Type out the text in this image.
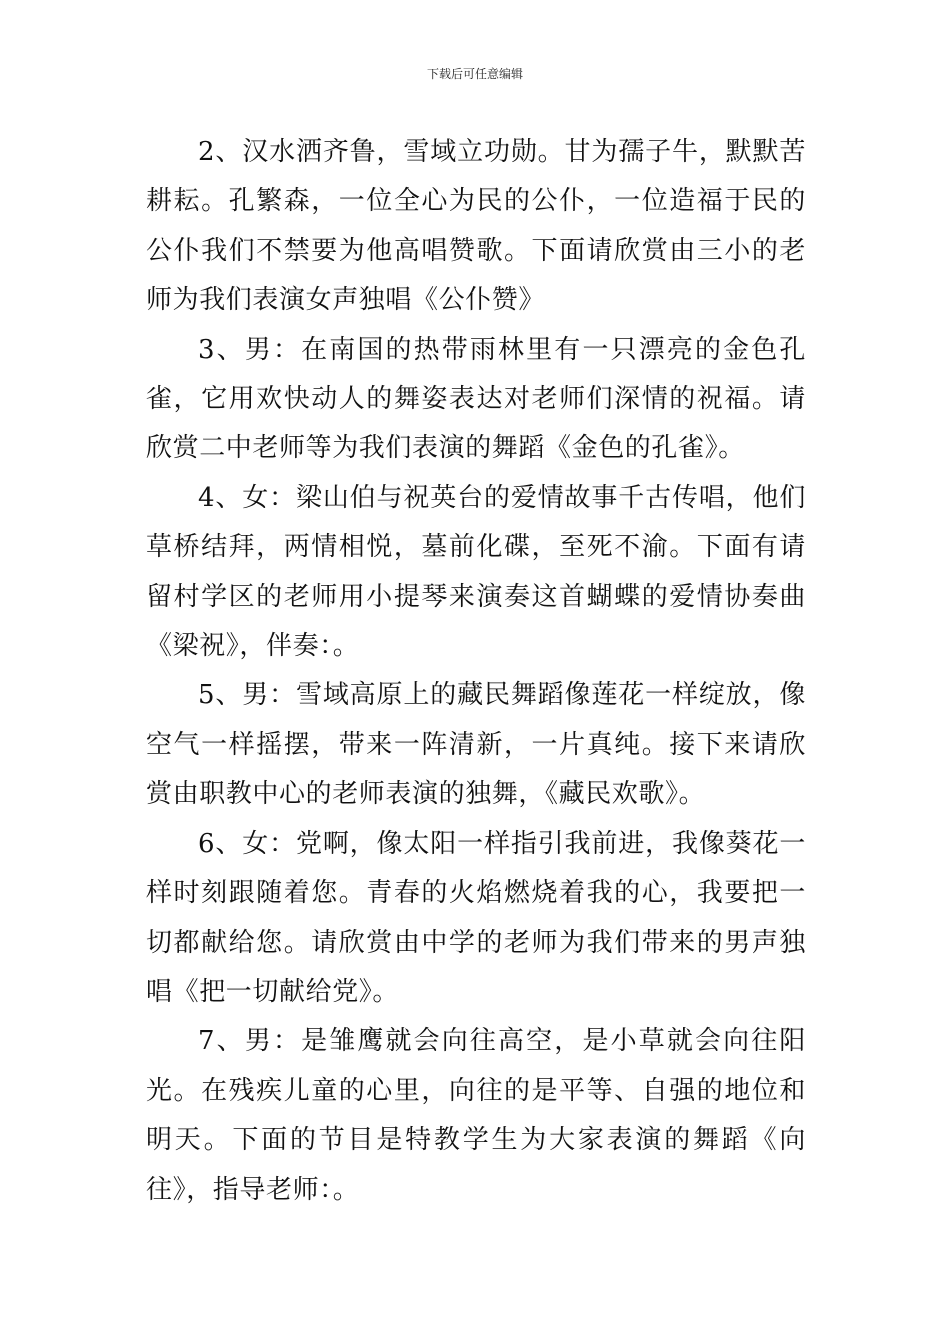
下载后可任意编辑

2、汉水洒齐鲁，雪域立功勋。甘为孺子牛，默默苦耕耘。孔繁森，一位全心为民的公仆，一位造福于民的公仆我们不禁要为他高唱赞歌。下面请欣赏由三小的老师为我们表演女声独唱《公仆赞》

3、男：在南国的热带雨林里有一只漂亮的金色孔雀，它用欢快动人的舞姿表达对老师们深情的祝福。请欣赏二中老师等为我们表演的舞蹈《金色的孔雀》。

4、女：梁山伯与祝英台的爱情故事千古传唱，他们草桥结拜，两情相悦，墓前化碟，至死不渝。下面有请留村学区的老师用小提琴来演奏这首蝴蝶的爱情协奏曲《梁祝》，伴奏：。

5、男：雪域高原上的藏民舞蹈像莲花一样绽放，像空气一样摇摆，带来一阵清新，一片真纯。接下来请欣赏由职教中心的老师表演的独舞，《藏民欢歌》。

6、女：党啊，像太阳一样指引我前进，我像葵花一样时刻跟随着您。青春的火焰燃烧着我的心，我要把一切都献给您。请欣赏由中学的老师为我们带来的男声独唱《把一切献给党》。

7、男：是雏鹰就会向往高空，是小草就会向往阳光。在残疾儿童的心里，向往的是平等、自强的地位和明天。下面的节目是特教学生为大家表演的舞蹈《向往》，指导老师：。
